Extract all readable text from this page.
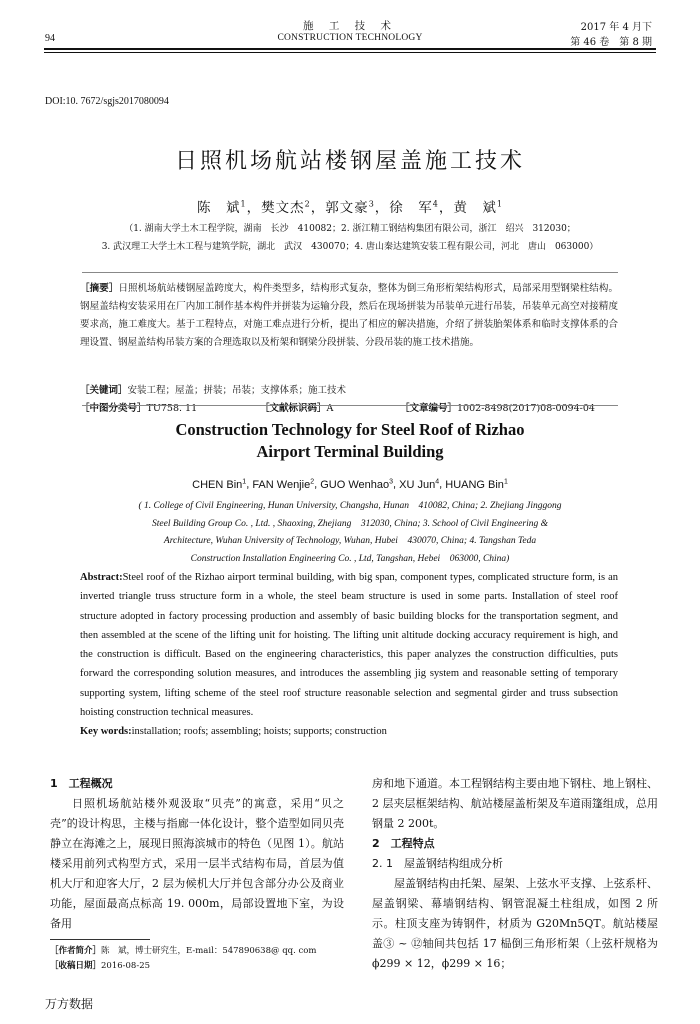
施 工 技 术
CONSTRUCTION TECHNOLOGY
94
2017 年 4 月下
第 46 卷　第 8 期
DOI:10. 7672/sgjs2017080094
日照机场航站楼钢屋盖施工技术
陈　斌$^1$，樊文杰$^2$，郭文豪$^3$，徐　军$^4$，黄　斌$^1$
（1. 湖南大学土木工程学院，湖南　长沙　410082；2. 浙江精工钢结构集团有限公司，浙江　绍兴　312030；
3. 武汉理工大学土木工程与建筑学院，湖北　武汉　430070；4. 唐山秦达建筑安装工程有限公司，河北　唐山　063000）
［摘要］日照机场航站楼钢屋盖跨度大，构件类型多，结构形式复杂，整体为倒三角形桁架结构形式，局部采用型钢梁柱结构。钢屋盖结构安装采用在厂内加工制作基本构件并拼装为运输分段，然后在现场拼装为吊装单元进行吊装，吊装单元高空对接精度要求高，施工难度大。基于工程特点，对施工难点进行分析，提出了相应的解决措施，介绍了拼装胎架体系和临时支撑体系的合理设置、钢屋盖结构吊装方案的合理选取以及桁架和钢梁分段拼装、分段吊装的施工技术措施。
［关键词］安装工程；屋盖；拼装；吊装；支撑体系；施工技术
［中图分类号］TU758. 11	［文献标识码］A	［文章编号］1002-8498(2017)08-0094-04
Construction Technology for Steel Roof of Rizhao
Airport Terminal Building
CHEN Bin$^1$, FAN Wenjie$^2$, GUO Wenhao$^3$, XU Jun$^4$, HUANG Bin$^1$
( 1. College of Civil Engineering, Hunan University, Changsha, Hunan　410082, China; 2. Zhejiang Jinggong
Steel Building Group Co. , Ltd. , Shaoxing, Zhejiang　312030, China; 3. School of Civil Engineering &
Architecture, Wuhan University of Technology, Wuhan, Hubei　430070, China; 4. Tangshan Teda
Construction Installation Engineering Co. , Ltd, Tangshan, Hebei　063000, China)
Abstract:Steel roof of the Rizhao airport terminal building, with big span, component types, complicated structure form, is an inverted triangle truss structure form in a whole, the steel beam structure is used in some parts. Installation of steel roof structure adopted in factory processing production and assembly of basic building blocks for the transportation segment, and then assembled at the scene of the lifting unit for hoisting. The lifting unit altitude docking accuracy requirement is high, and the construction is difficult. Based on the engineering characteristics, this paper analyzes the construction difficulties, puts forward the corresponding solution measures, and introduces the assembling jig system and reasonable setting of temporary supporting system, lifting scheme of the steel roof structure reasonable selection and segmental girder and truss subsection hoisting construction technical measures.
Key words:installation; roofs; assembling; hoists; supports; construction
1　工程概况
日照机场航站楼外观汲取“贝壳”的寓意，采用“贝之壳”的设计构思，主楼与指廊一体化设计，整个造型如同贝壳静立在海滩之上，展现日照海滨城市的特色（见图 1）。航站楼采用前列式构型方式，采用一层半式结构布局，首层为值机大厅和迎客大厅，2 层为候机大厅并包含部分办公及商业功能，屋面最高点标高 19. 000m，局部设置地下室，为设备用
房和地下通道。本工程钢结构主要由地下钢柱、地上钢柱、2 层夹层框架结构、航站楼屋盖桁架及车道雨篷组成，总用钢量 2 200t。
2　工程特点
2. 1　屋盖钢结构组成分析
屋盖钢结构由托架、屋架、上弦水平支撑、上弦系杆、屋盖钢梁、幕墙钢结构、钢管混凝土柱组成，如图 2 所示。柱顶支座为铸钢件，材质为 G20Mn5QT。航站楼屋盖③ ~ ⑫轴间共包括 17 榀倒三角形桁架（上弦杆规格为 ϕ299 × 12，ϕ299 × 16；
［作者简介］陈　斌，博士研究生，E-mail：547890638@ qq. com
［收稿日期］2016-08-25
万方数据
